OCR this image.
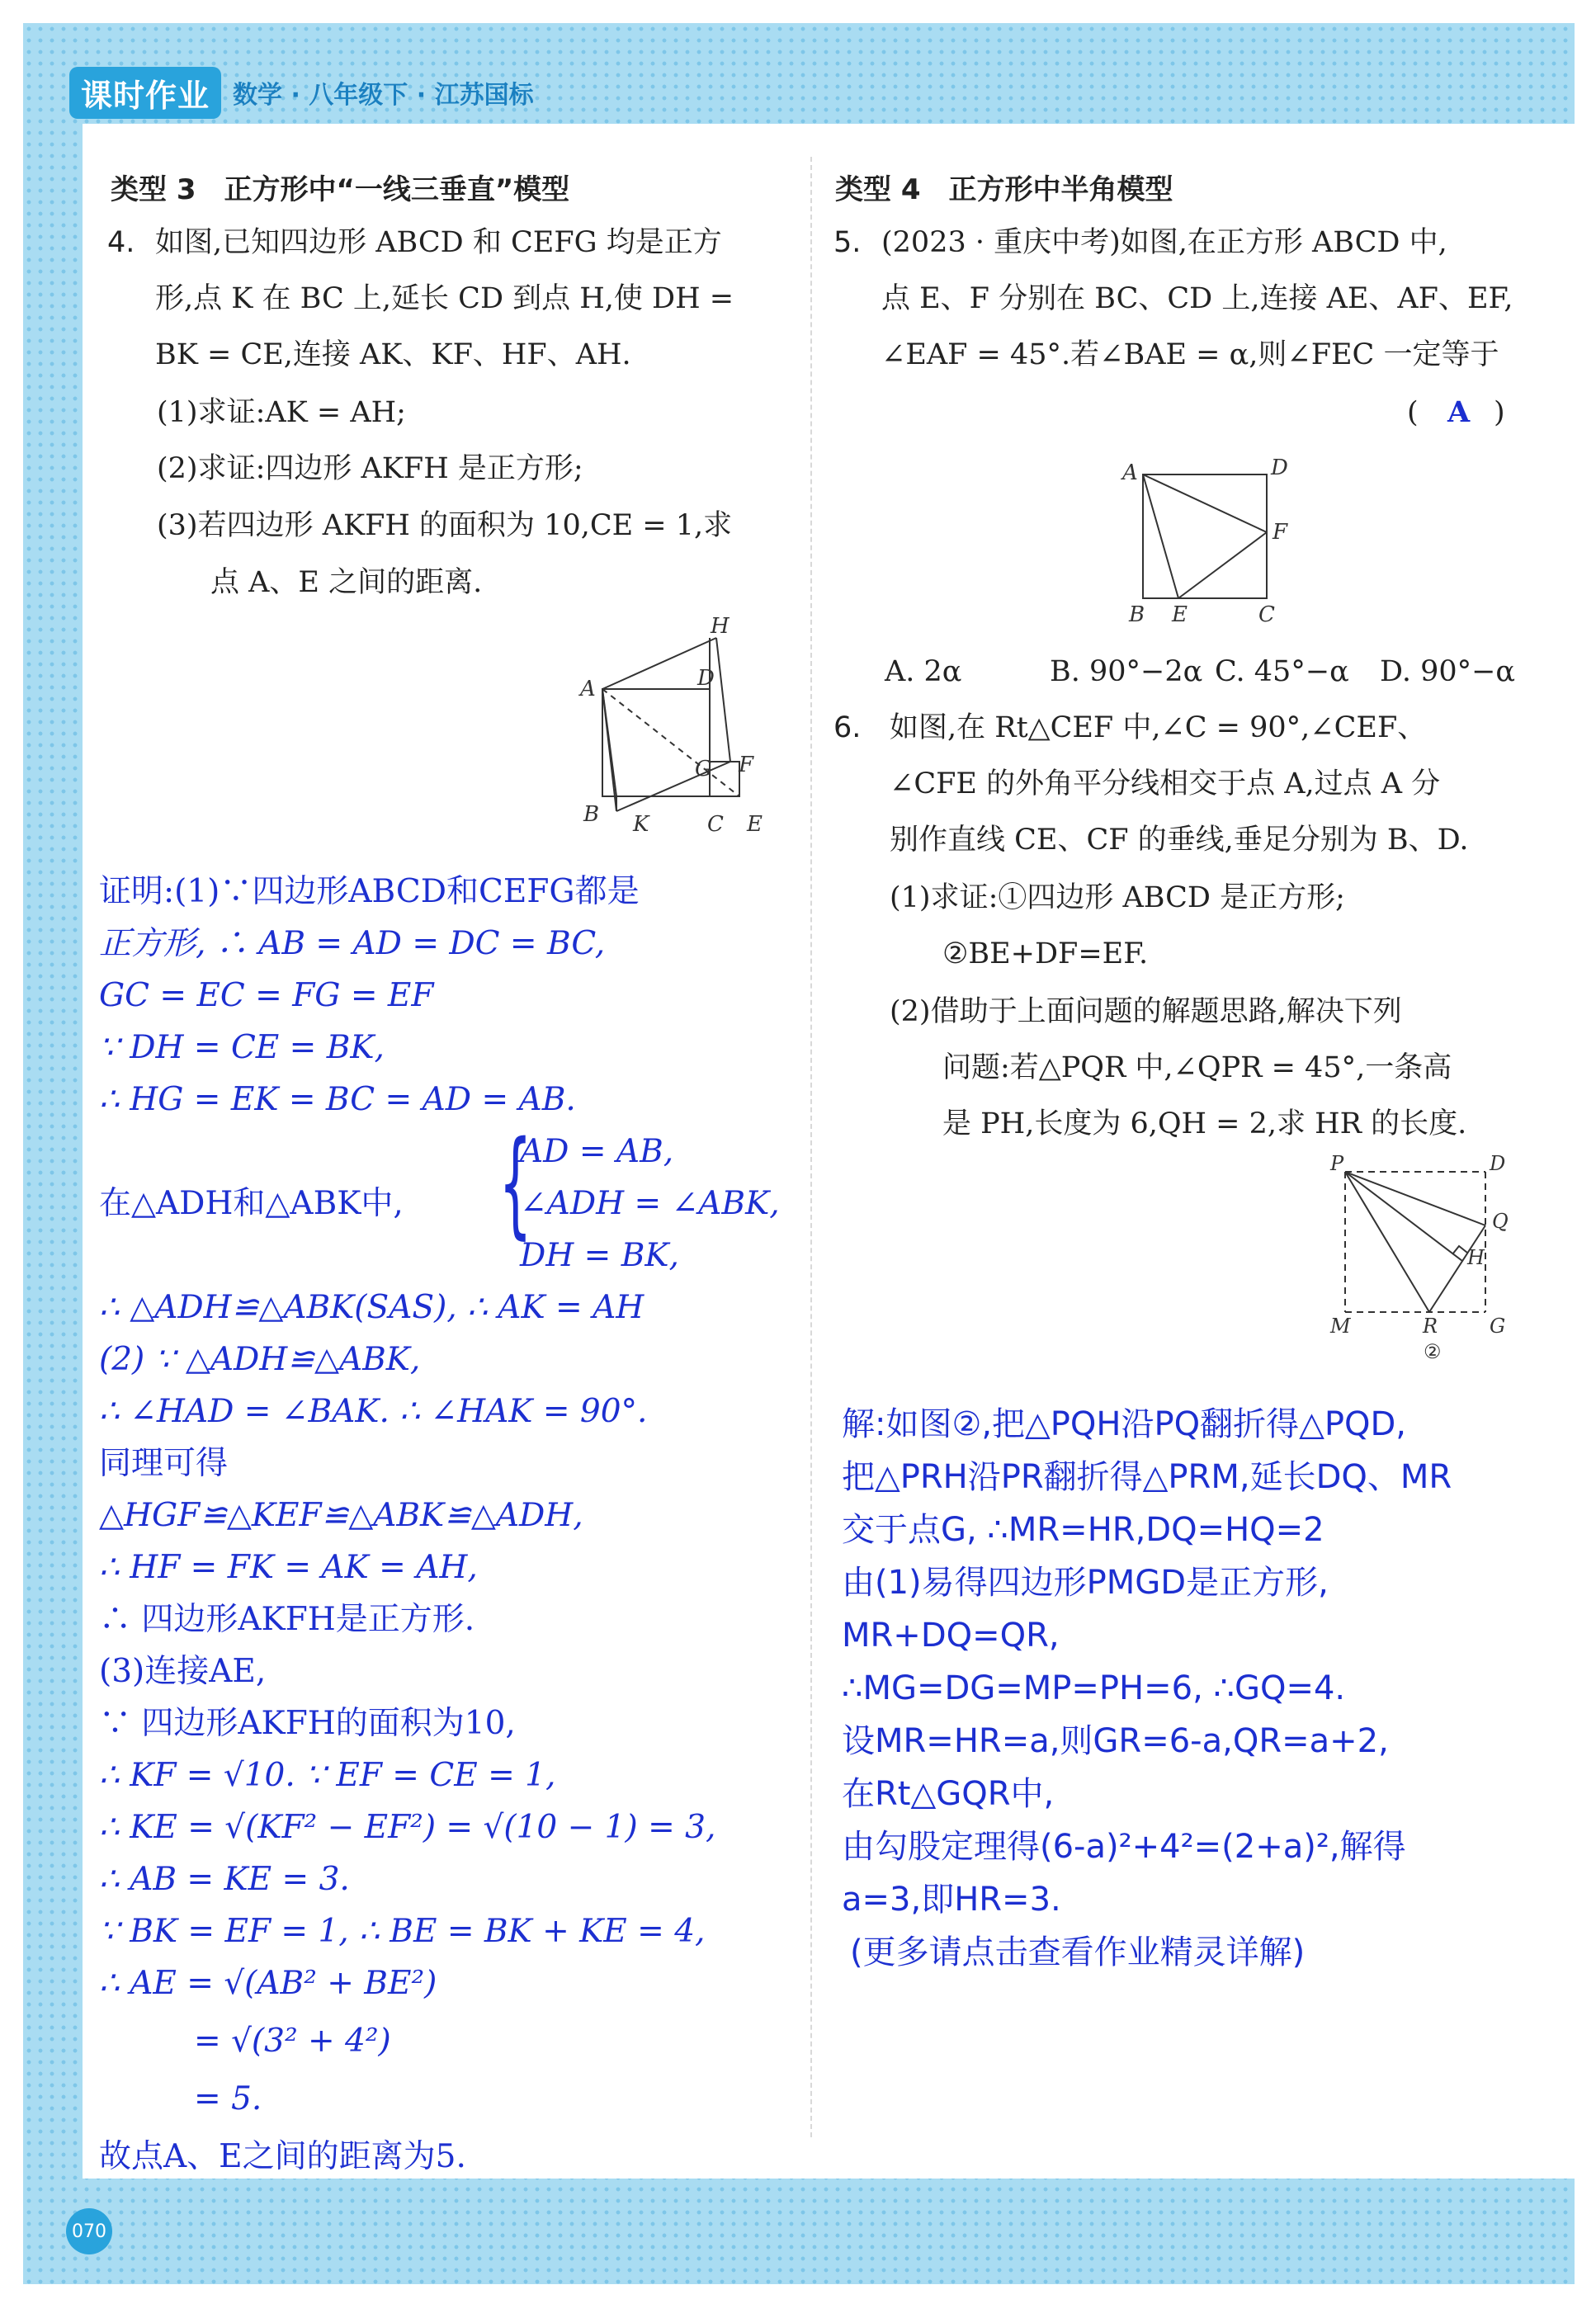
课时作业 数学 · 八年级下 · 江苏国标
类型 3　正方形中“一线三垂直”模型
4. 如图,已知四边形 ABCD 和 CEFG 均是正方
形,点 K 在 BC 上,延长 CD 到点 H,使 DH =
BK = CE,连接 AK、KF、HF、AH.
(1)求证:AK = AH;
(2)求证:四边形 AKFH 是正方形;
(3)若四边形 AKFH 的面积为 10,CE = 1,求
点 A、E 之间的距离.
H
A	D
G F
B K	C E
证明:(1)∵四边形ABCD和CEFG都是
正方形, ∴ AB = AD = DC = BC,
GC = EC = FG = EF
∵ DH = CE = BK,
∴ HG = EK = BC = AD = AB.
在△ADH和△ABK中, {
AD = AB,
∠ADH = ∠ABK,
DH = BK,
∴ △ADH≌△ABK(SAS), ∴ AK = AH
(2) ∵ △ADH≌△ABK,
∴ ∠HAD = ∠BAK. ∴ ∠HAK = 90°.
同理可得
△HGF≌△KEF≌△ABK≌△ADH,
∴ HF = FK = AK = AH,
∴ 四边形AKFH是正方形.
(3)连接AE,
∵ 四边形AKFH的面积为10,
∴ KF = √10. ∵ EF = CE = 1,
∴ KE = √(KF² − EF²) = √(10 − 1) = 3,
∴ AB = KE = 3.
∵ BK = EF = 1, ∴ BE = BK + KE = 4,
∴ AE = √(AB² + BE²)
= √(3² + 4²)
= 5.
故点A、E之间的距离为5.
类型 4　正方形中半角模型
5. (2023 · 重庆中考)如图,在正方形 ABCD 中,
点 E、F 分别在 BC、CD 上,连接 AE、AF、EF,
∠EAF = 45°.若∠BAE = α,则∠FEC 一定等于
( A )
A	D
F
B E	C
A. 2α	B. 90°−2α C. 45°−α D. 90°−α
6. 如图,在 Rt△CEF 中,∠C = 90°,∠CEF、
∠CFE 的外角平分线相交于点 A,过点 A 分
别作直线 CE、CF 的垂线,垂足分别为 B、D.
(1)求证:①四边形 ABCD 是正方形;
②BE+DF=EF.
(2)借助于上面问题的解题思路,解决下列
问题:若△PQR 中,∠QPR = 45°,一条高
是 PH,长度为 6,QH = 2,求 HR 的长度.
P	D
Q
H
M	R	G
②
解:如图②,把△PQH沿PQ翻折得△PQD,
把△PRH沿PR翻折得△PRM,延长DQ、MR
交于点G, ∴MR=HR,DQ=HQ=2
由(1)易得四边形PMGD是正方形,
MR+DQ=QR,
∴MG=DG=MP=PH=6, ∴GQ=4.
设MR=HR=a,则GR=6-a,QR=a+2,
在Rt△GQR中,
由勾股定理得(6-a)²+4²=(2+a)²,解得
a=3,即HR=3.
(更多请点击查看作业精灵详解)
070
